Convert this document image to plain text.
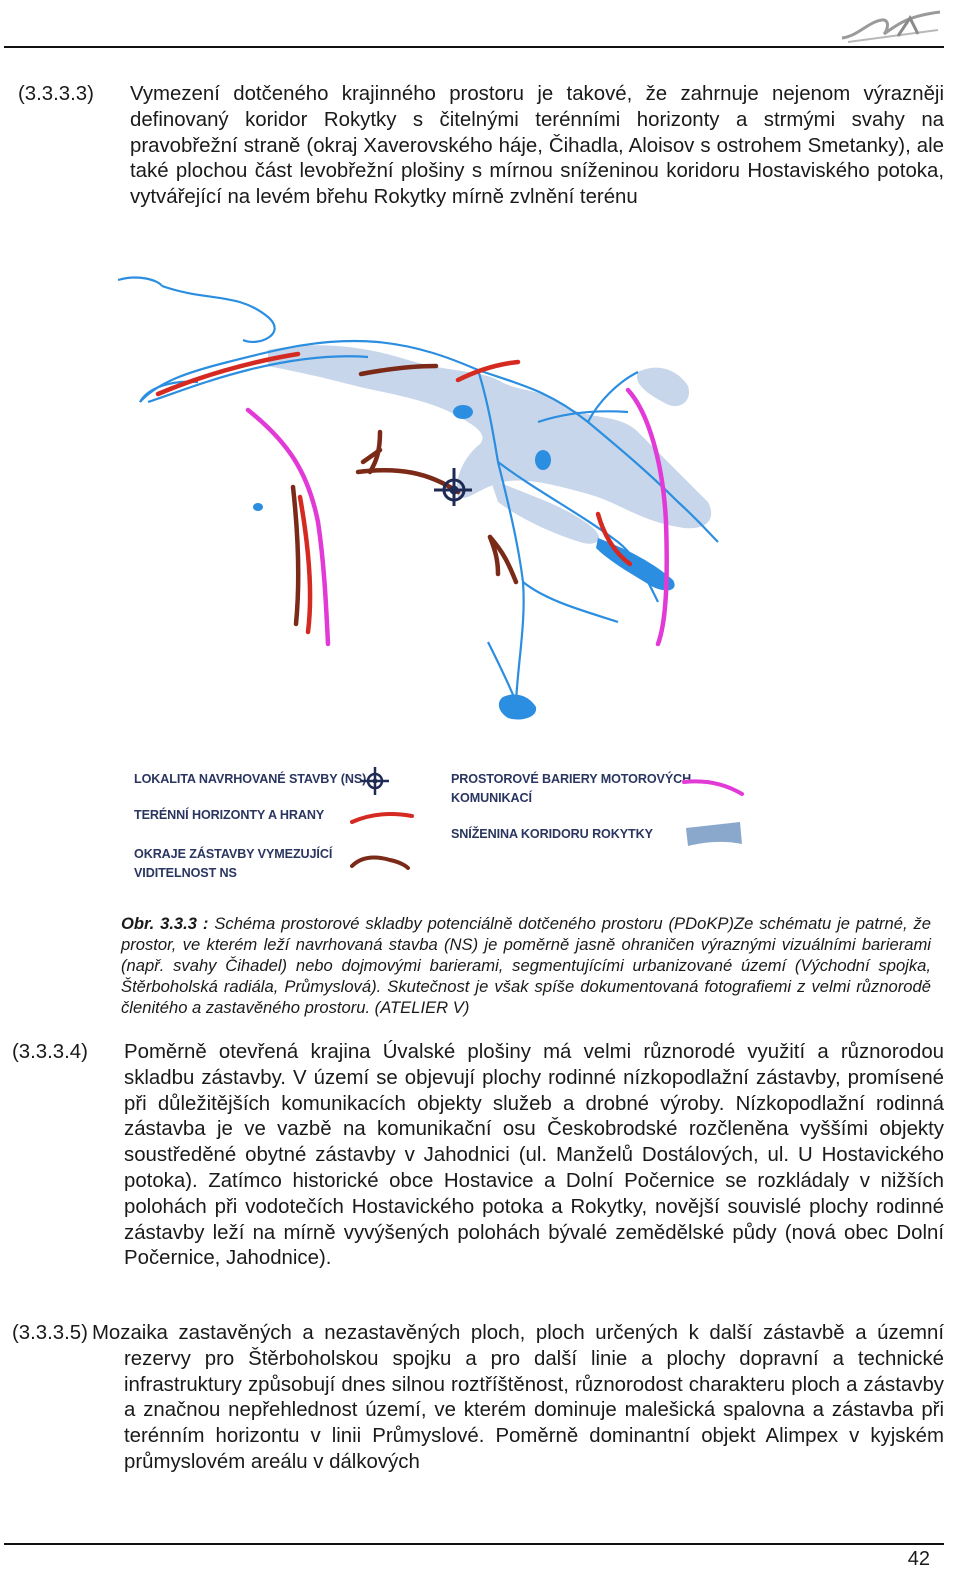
(3.3.3.3) Vymezení dotčeného krajinného prostoru je takové, že zahrnuje nejenom výrazněji definovaný koridor Rokytky s čitelnými terénními horizonty a strmými svahy na pravobřežní straně (okraj Xaverovského háje, Čihadla, Aloisov s ostrohem Smetanky), ale také plochou část levobřežní plošiny s mírnou sníženinou koridoru Hostaviského potoka, vytvářející na levém břehu Rokytky mírně zvlnění terénu
LOKALITA NAVRHOVANÉ STAVBY (NS)
TERÉNNÍ HORIZONTY A HRANY
OKRAJE ZÁSTAVBY VYMEZUJÍCÍ
VIDITELNOST NS
PROSTOROVÉ BARIERY MOTOROVÝCH
KOMUNIKACÍ
SNÍŽENINA KORIDORU ROKYTKY
Obr. 3.3.3 : Schéma prostorové skladby potenciálně dotčeného prostoru (PDoKP)Ze schématu je patrné, že prostor, ve kterém leží navrhovaná stavba (NS) je poměrně jasně ohraničen výraznými vizuálními barierami (např. svahy Čihadel) nebo dojmovými barierami, segmentujícími urbanizované území (Východní spojka, Štěrboholská radiála, Průmyslová). Skutečnost je však spíše dokumentovaná fotografiemi z velmi různorodě členitého a zastavěného prostoru. (ATELIER V)
(3.3.3.4) Poměrně otevřená krajina Úvalské plošiny má velmi různorodé využití a různorodou skladbu zástavby. V území se objevují plochy rodinné nízkopodlažní zástavby, promísené při důležitějších komunikacích objekty služeb a drobné výroby. Nízkopodlažní rodinná zástavba je ve vazbě na komunikační osu Českobrodské rozčleněna vyššími objekty soustředěné obytné zástavby v Jahodnici (ul. Manželů Dostálových, ul. U Hostavického potoka). Zatímco historické obce Hostavice a Dolní Počernice se rozkládaly v nižších polohách při vodotečích Hostavického potoka a Rokytky, novější souvislé plochy rodinné zástavby leží na mírně vyvýšených polohách bývalé zemědělské půdy (nová obec Dolní Počernice, Jahodnice).
(3.3.3.5) Mozaika zastavěných a nezastavěných ploch, ploch určených k další zástavbě a územní rezervy pro Štěrboholskou spojku a pro další linie a plochy dopravní a technické infrastruktury způsobují dnes silnou roztříštěnost, různorodost charakteru ploch a zástavby a značnou nepřehlednost území, ve kterém dominuje malešická spalovna a zástavba při terénním horizontu v linii Průmyslové. Poměrně dominantní objekt Alimpex v kyjském průmyslovém areálu v dálkových
42
